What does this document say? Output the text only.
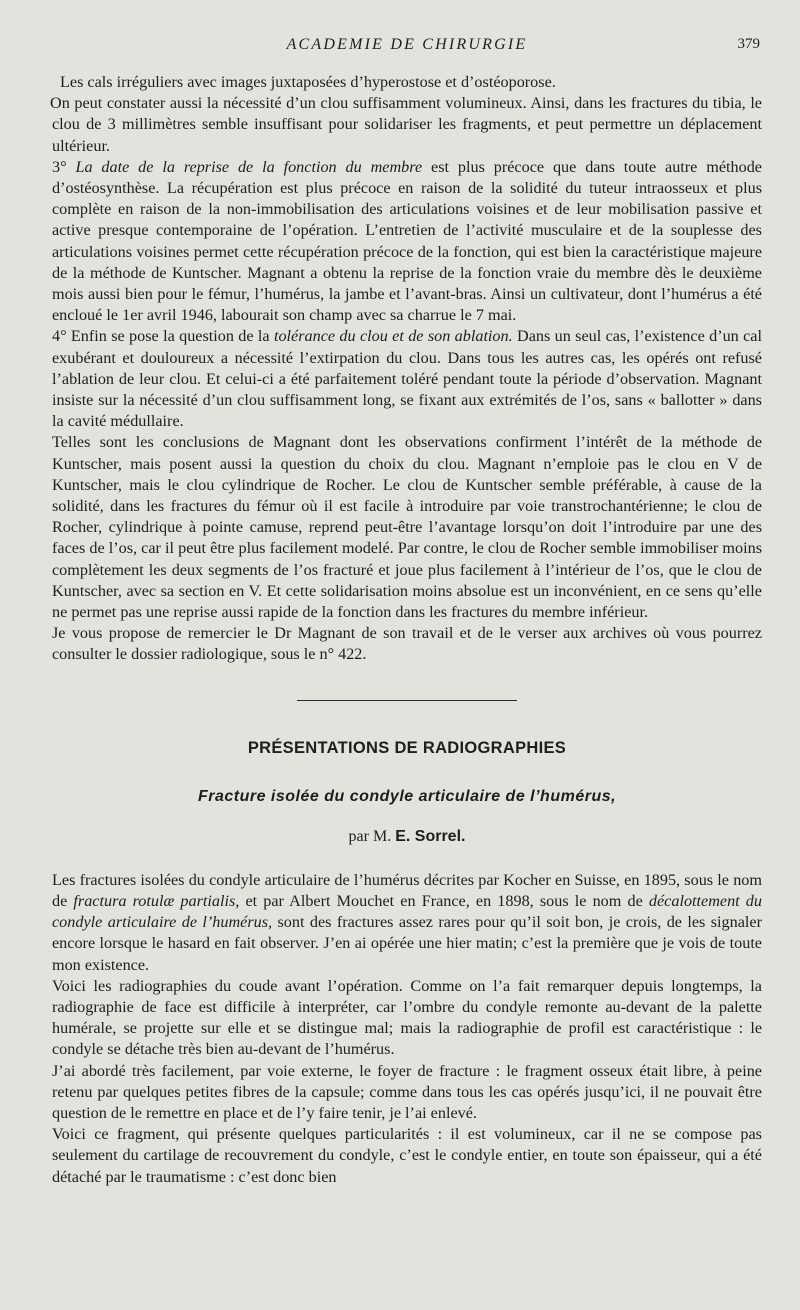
ACADEMIE DE CHIRURGIE	379

Les cals irréguliers avec images juxtaposées d’hyperostose et d’ostéoporose.

On peut constater aussi la nécessité d’un clou suffisamment volumineux. Ainsi, dans les fractures du tibia, le clou de 3 millimètres semble insuffisant pour solidariser les fragments, et peut permettre un déplacement ultérieur.

3° La date de la reprise de la fonction du membre est plus précoce que dans toute autre méthode d’ostéosynthèse. La récupération est plus précoce en raison de la solidité du tuteur intraosseux et plus complète en raison de la non-immobilisation des articulations voisines et de leur mobilisation passive et active presque contemporaine de l’opération. L’entretien de l’activité musculaire et de la souplesse des articulations voisines permet cette récupération précoce de la fonction, qui est bien la caractéristique majeure de la méthode de Kuntscher. Magnant a obtenu la reprise de la fonction vraie du membre dès le deuxième mois aussi bien pour le fémur, l’humérus, la jambe et l’avant-bras. Ainsi un cultivateur, dont l’humérus a été encloué le 1er avril 1946, labourait son champ avec sa charrue le 7 mai.

4° Enfin se pose la question de la tolérance du clou et de son ablation. Dans un seul cas, l’existence d’un cal exubérant et douloureux a nécessité l’extirpation du clou. Dans tous les autres cas, les opérés ont refusé l’ablation de leur clou. Et celui-ci a été parfaitement toléré pendant toute la période d’observation. Magnant insiste sur la nécessité d’un clou suffisamment long, se fixant aux extrémités de l’os, sans « ballotter » dans la cavité médullaire.

Telles sont les conclusions de Magnant dont les observations confirment l’intérêt de la méthode de Kuntscher, mais posent aussi la question du choix du clou. Magnant n’emploie pas le clou en V de Kuntscher, mais le clou cylindrique de Rocher. Le clou de Kuntscher semble préférable, à cause de la solidité, dans les fractures du fémur où il est facile à introduire par voie transtrochantérienne; le clou de Rocher, cylindrique à pointe camuse, reprend peut-être l’avantage lorsqu’on doit l’introduire par une des faces de l’os, car il peut être plus facilement modelé. Par contre, le clou de Rocher semble immobiliser moins complètement les deux segments de l’os fracturé et joue plus facilement à l’intérieur de l’os, que le clou de Kuntscher, avec sa section en V. Et cette solidarisation moins absolue est un inconvénient, en ce sens qu’elle ne permet pas une reprise aussi rapide de la fonction dans les fractures du membre inférieur.

Je vous propose de remercier le Dr Magnant de son travail et de le verser aux archives où vous pourrez consulter le dossier radiologique, sous le n° 422.

PRÉSENTATIONS DE RADIOGRAPHIES
Fracture isolée du condyle articulaire de l’humérus,
par M. E. Sorrel.

Les fractures isolées du condyle articulaire de l’humérus décrites par Kocher en Suisse, en 1895, sous le nom de fractura rotulæ partialis, et par Albert Mouchet en France, en 1898, sous le nom de décalottement du condyle articulaire de l’humérus, sont des fractures assez rares pour qu’il soit bon, je crois, de les signaler encore lorsque le hasard en fait observer. J’en ai opérée une hier matin; c’est la première que je vois de toute mon existence.

Voici les radiographies du coude avant l’opération. Comme on l’a fait remarquer depuis longtemps, la radiographie de face est difficile à interpréter, car l’ombre du condyle remonte au-devant de la palette humérale, se projette sur elle et se distingue mal; mais la radiographie de profil est caractéristique : le condyle se détache très bien au-devant de l’humérus.

J’ai abordé très facilement, par voie externe, le foyer de fracture : le fragment osseux était libre, à peine retenu par quelques petites fibres de la capsule; comme dans tous les cas opérés jusqu’ici, il ne pouvait être question de le remettre en place et de l’y faire tenir, je l’ai enlevé.

Voici ce fragment, qui présente quelques particularités : il est volumineux, car il ne se compose pas seulement du cartilage de recouvrement du condyle, c’est le condyle entier, en toute son épaisseur, qui a été détaché par le traumatisme : c’est donc bien
